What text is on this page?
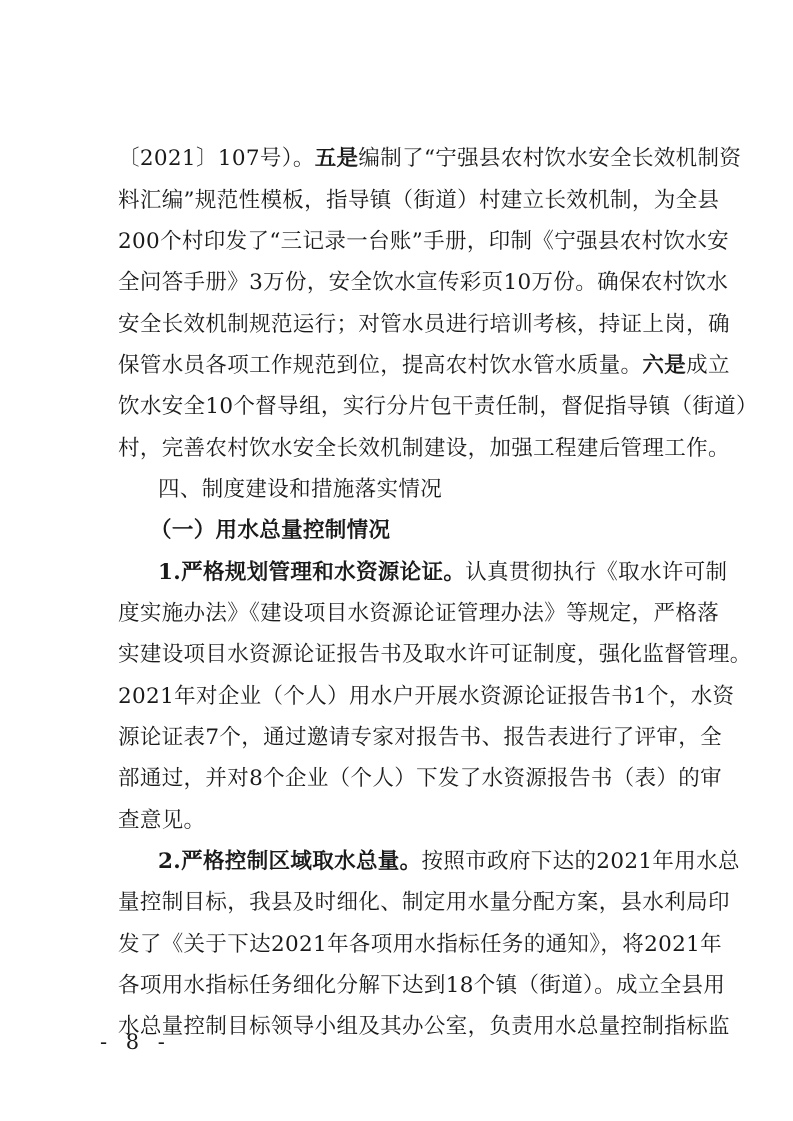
〔2021〕107号）。五是编制了“宁强县农村饮水安全长效机制资
料汇编”规范性模板，指导镇（街道）村建立长效机制，为全县
200个村印发了“三记录一台账”手册，印制《宁强县农村饮水安
全问答手册》3万份，安全饮水宣传彩页10万份。确保农村饮水
安全长效机制规范运行；对管水员进行培训考核，持证上岗，确
保管水员各项工作规范到位，提高农村饮水管水质量。六是成立
饮水安全10个督导组，实行分片包干责任制，督促指导镇（街道）
村，完善农村饮水安全长效机制建设，加强工程建后管理工作。
四、制度建设和措施落实情况
（一）用水总量控制情况
1.严格规划管理和水资源论证。认真贯彻执行《取水许可制
度实施办法》《建设项目水资源论证管理办法》等规定，严格落
实建设项目水资源论证报告书及取水许可证制度，强化监督管理。
2021年对企业（个人）用水户开展水资源论证报告书1个，水资
源论证表7个，通过邀请专家对报告书、报告表进行了评审，全
部通过，并对8个企业（个人）下发了水资源报告书（表）的审
查意见。
2.严格控制区域取水总量。按照市政府下达的2021年用水总
量控制目标，我县及时细化、制定用水量分配方案，县水利局印
发了《关于下达2021年各项用水指标任务的通知》，将2021年
各项用水指标任务细化分解下达到18个镇（街道）。成立全县用
水总量控制目标领导小组及其办公室，负责用水总量控制指标监
- 8 -
